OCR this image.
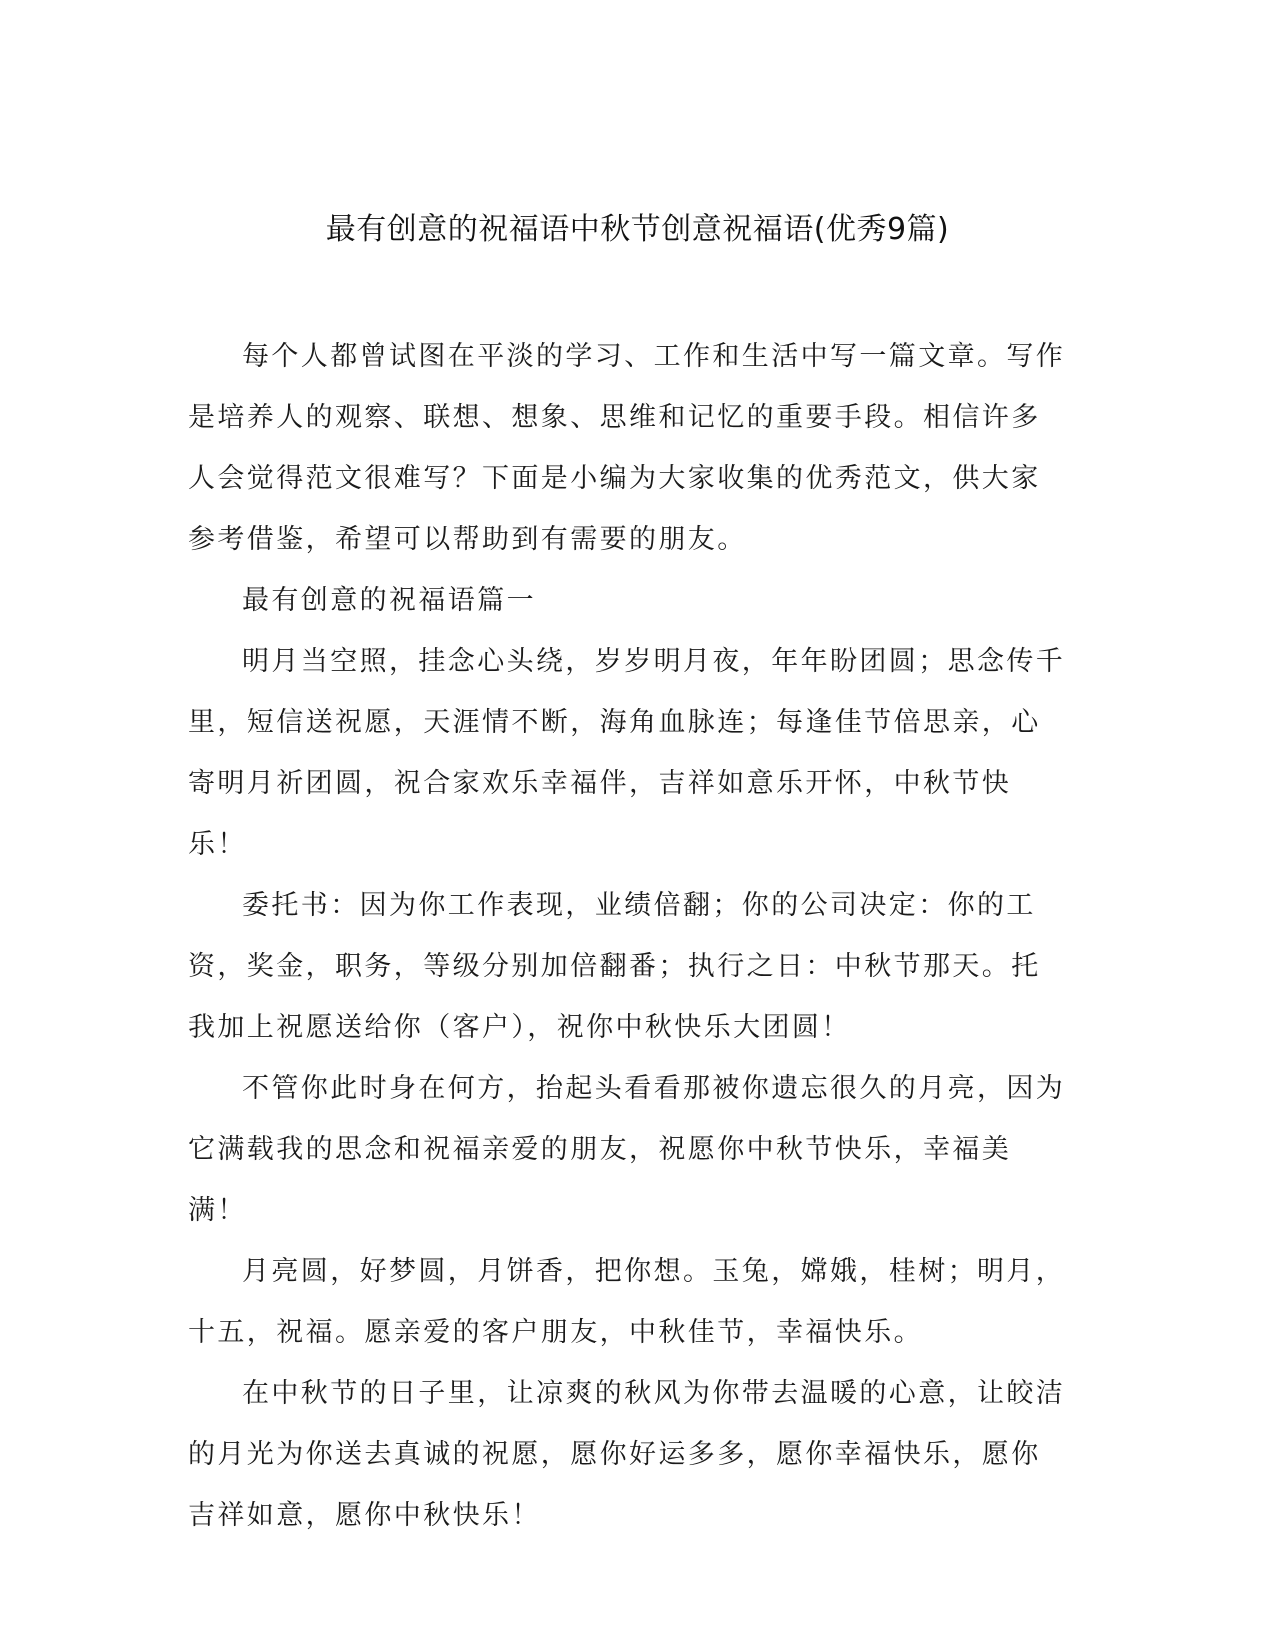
最有创意的祝福语中秋节创意祝福语(优秀9篇)

每个人都曾试图在平淡的学习、工作和生活中写一篇文章。写作是培养人的观察、联想、想象、思维和记忆的重要手段。相信许多人会觉得范文很难写？下面是小编为大家收集的优秀范文，供大家参考借鉴，希望可以帮助到有需要的朋友。

最有创意的祝福语篇一

明月当空照，挂念心头绕，岁岁明月夜，年年盼团圆；思念传千里，短信送祝愿，天涯情不断，海角血脉连；每逢佳节倍思亲，心寄明月祈团圆，祝合家欢乐幸福伴，吉祥如意乐开怀，中秋节快乐！

委托书：因为你工作表现，业绩倍翻；你的公司决定：你的工资，奖金，职务，等级分别加倍翻番；执行之日：中秋节那天。托我加上祝愿送给你（客户），祝你中秋快乐大团圆！

不管你此时身在何方，抬起头看看那被你遗忘很久的月亮，因为它满载我的思念和祝福亲爱的朋友，祝愿你中秋节快乐，幸福美满！

月亮圆，好梦圆，月饼香，把你想。玉兔，嫦娥，桂树；明月，十五，祝福。愿亲爱的客户朋友，中秋佳节，幸福快乐。

在中秋节的日子里，让凉爽的秋风为你带去温暖的心意，让皎洁的月光为你送去真诚的祝愿，愿你好运多多，愿你幸福快乐，愿你吉祥如意，愿你中秋快乐！
